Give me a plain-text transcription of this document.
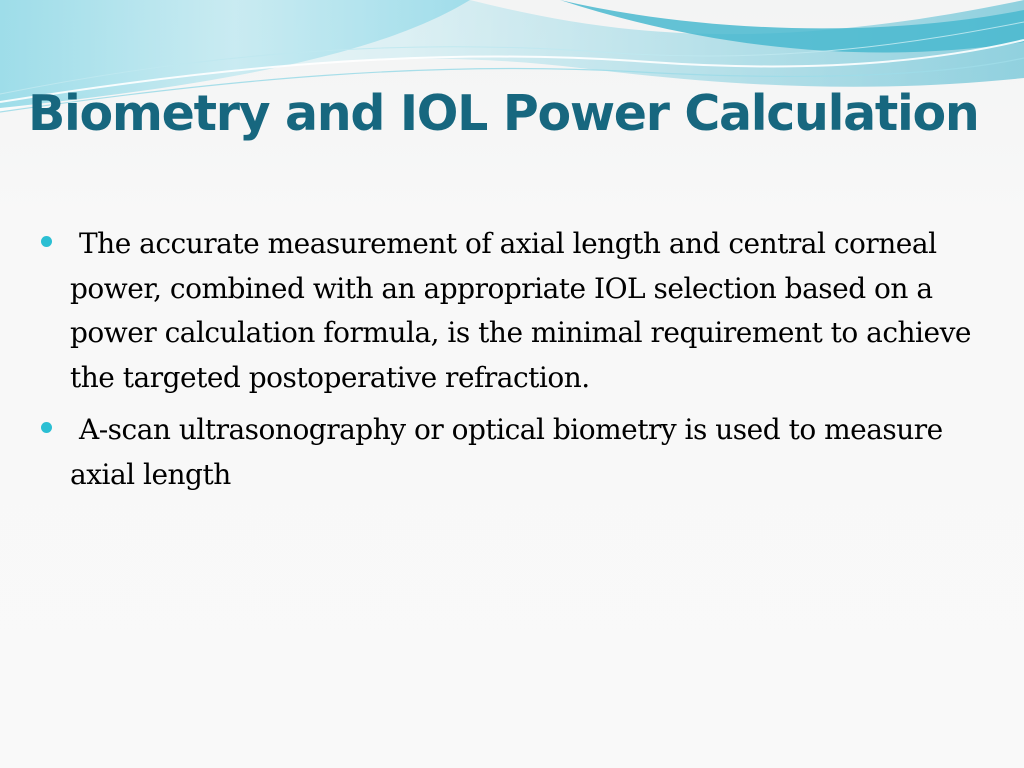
Biometry and IOL Power Calculation
The accurate measurement of axial length and central corneal power, combined with an appropriate IOL selection based on a power calculation formula, is the minimal requirement to achieve the targeted postoperative refraction.
A-scan ultrasonography or optical biometry is used to measure axial length
